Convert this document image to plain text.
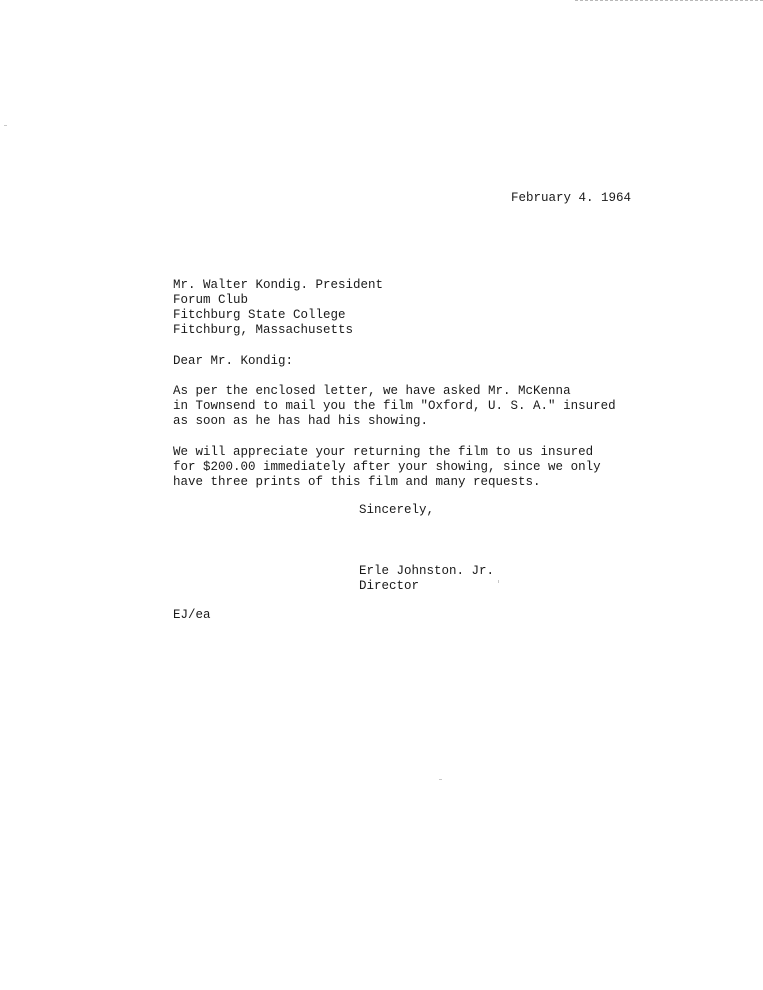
February 4. 1964
Mr. Walter Kondig. President
Forum Club
Fitchburg State College
Fitchburg, Massachusetts
Dear Mr. Kondig:
As per the enclosed letter, we have asked Mr. McKenna
in Townsend to mail you the film "Oxford, U. S. A." insured
as soon as he has had his showing.
We will appreciate your returning the film to us insured
for $200.00 immediately after your showing, since we only
have three prints of this film and many requests.
Sincerely,
Erle Johnston. Jr.
Director
EJ/ea
